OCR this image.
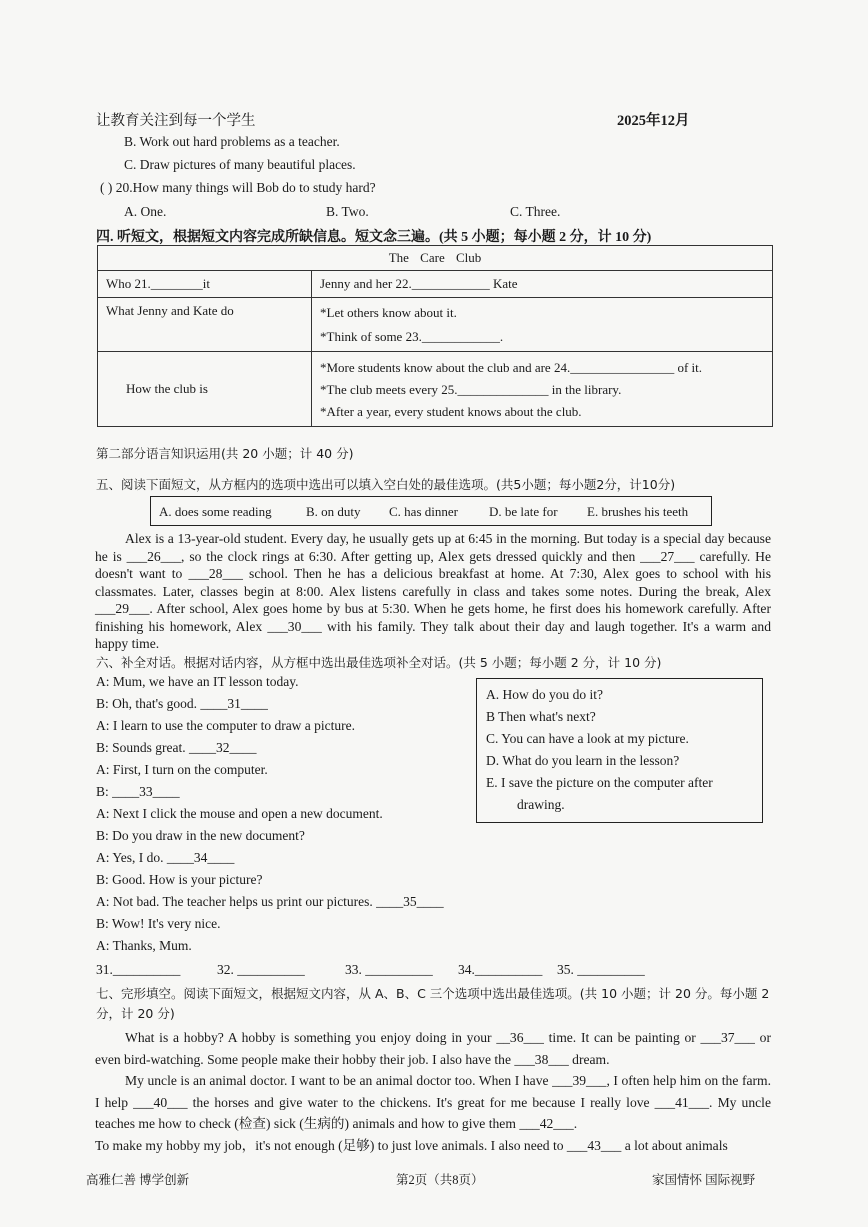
让教育关注到每一个学生	2025年12月
B. Work out hard problems as a teacher.
C. Draw pictures of many beautiful places.
( ) 20.How many things will Bob do to study hard?
A. One.	B. Two.	C. Three.
四. 听短文，根据短文内容完成所缺信息。短文念三遍。(共 5 小题；每小题 2 分，计 10 分)
The Care Club	
Who 21.________it	Jenny and her 22.____________ Kate
What Jenny and Kate do	*Let others know about it.
*Think of some 23.____________.

How the club is	*More students know about the club and are 24.________________ of it.
*The club meets every 25.______________ in the library.
*After a year, every student knows about the club.
第二部分语言知识运用(共 20 小题；计 40 分)
五、阅读下面短文，从方框内的选项中选出可以填入空白处的最佳选项。(共5小题；每小题2分，计10分)
A. does some reading	B. on duty C. has dinner D. be late for E. brushes his teeth

Alex is a 13-year-old student. Every day, he usually gets up at 6:45 in the morning. But today is a special day because he is ___26___, so the clock rings at 6:30. After getting up, Alex gets dressed quickly and then ___27___ carefully. He doesn't want to ___28___ school. Then he has a delicious breakfast at home. At 7:30, Alex goes to school with his classmates. Later, classes begin at 8:00. Alex listens carefully in class and takes some notes. During the break, Alex ___29___. After school, Alex goes home by bus at 5:30. When he gets home, he first does his homework carefully. After finishing his homework, Alex ___30___ with his family. They talk about their day and laugh together. It's a warm and happy time.

六、补全对话。根据对话内容，从方框中选出最佳选项补全对话。(共 5 小题；每小题 2 分，计 10 分)
A: Mum, we have an IT lesson today.
B: Oh, that's good. ____31____
A: I learn to use the computer to draw a picture.
B: Sounds great. ____32____
A: First, I turn on the computer.
B: ____33____
A: Next I click the mouse and open a new document.
B: Do you draw in the new document?
A: Yes, I do. ____34____
B: Good. How is your picture?
A: Not bad. The teacher helps us print our pictures. ____35____
B: Wow! It's very nice.
A: Thanks, Mum.
A. How do you do it?
B Then what's next?
C. You can have a look at my picture.
D. What do you learn in the lesson?
E. I save the picture on the computer after
drawing.
31.__________	32. __________	33. __________ 34.__________ 35. __________
七、完形填空。阅读下面短文，根据短文内容，从 A、B、C 三个选项中选出最佳选项。(共 10 小题；计 20 分。每小题 2 分，计 20 分)

What is a hobby? A hobby is something you enjoy doing in your __36___ time. It can be painting or ___37___ or even bird-watching. Some people make their hobby their job. I also have the ___38___ dream.

My uncle is an animal doctor. I want to be an animal doctor too. When I have ___39___, I often help him on the farm. I help ___40___ the horses and give water to the chickens. It's great for me because I really love ___41___. My uncle teaches me how to check (检查) sick (生病的) animals and how to give them ___42___.

To make my hobby my job，it's not enough (足够) to just love animals. I also need to ___43___ a lot about animals

高雅仁善 博学创新	第2页（共8页）	家国情怀 国际视野
